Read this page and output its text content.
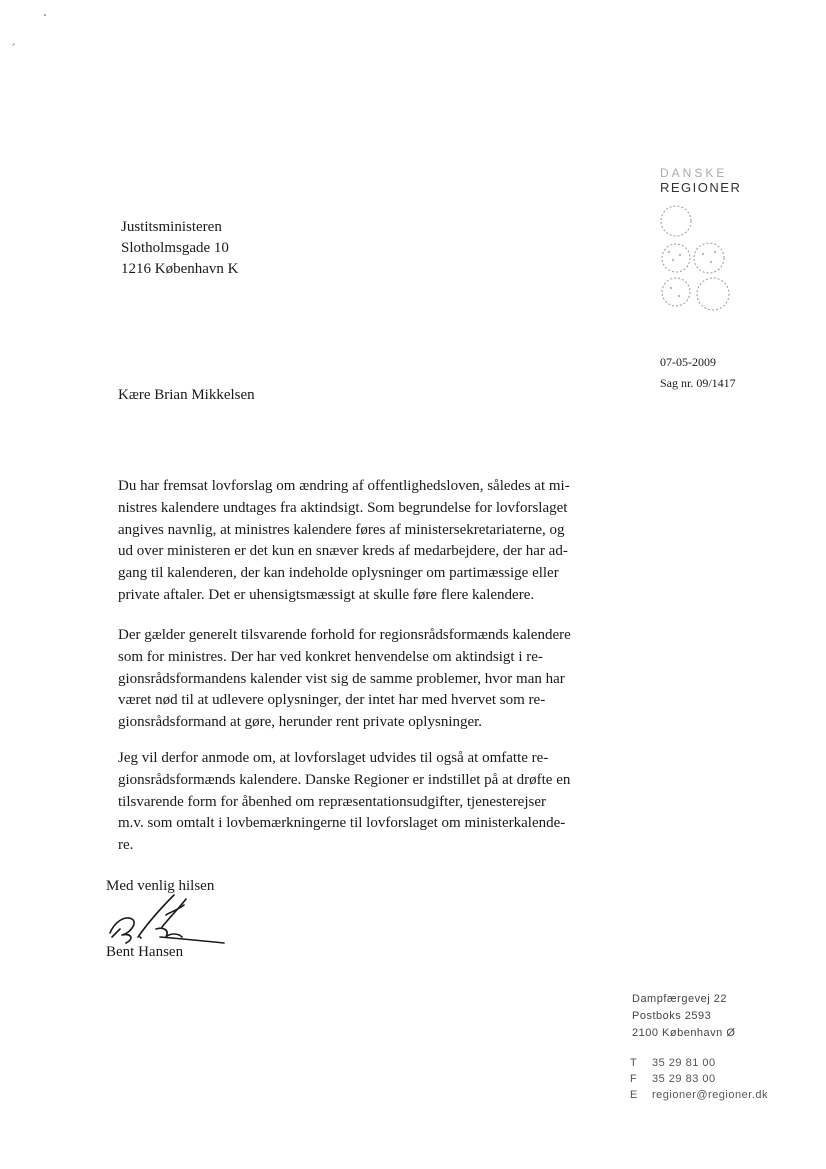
DANSKE
REGIONER
Justitsministeren
Slotholmsgade 10
1216 København K
07-05-2009
Sag nr. 09/1417
Kære Brian Mikkelsen
Du har fremsat lovforslag om ændring af offentlighedsloven, således at mi-
nistres kalendere undtages fra aktindsigt. Som begrundelse for lovforslaget
angives navnlig, at ministres kalendere føres af ministersekretariaterne, og
ud over ministeren er det kun en snæver kreds af medarbejdere, der har ad-
gang til kalenderen, der kan indeholde oplysninger om partimæssige eller
private aftaler. Det er uhensigtsmæssigt at skulle føre flere kalendere.
Der gælder generelt tilsvarende forhold for regionsrådsformænds kalendere
som for ministres. Der har ved konkret henvendelse om aktindsigt i re-
gionsrådsformandens kalender vist sig de samme problemer, hvor man har
været nød til at udlevere oplysninger, der intet har med hvervet som re-
gionsrådsformand at gøre, herunder rent private oplysninger.
Jeg vil derfor anmode om, at lovforslaget udvides til også at omfatte re-
gionsrådsformænds kalendere. Danske Regioner er indstillet på at drøfte en
tilsvarende form for åbenhed om repræsentationsudgifter, tjenesterejser
m.v. som omtalt i lovbemærkningerne til lovforslaget om ministerkalende-
re.
Med venlig hilsen
Bent Hansen
Dampfærgevej 22
Postboks 2593
2100 København Ø
T 35 29 81 00
F 35 29 83 00
E regioner@regioner.dk
